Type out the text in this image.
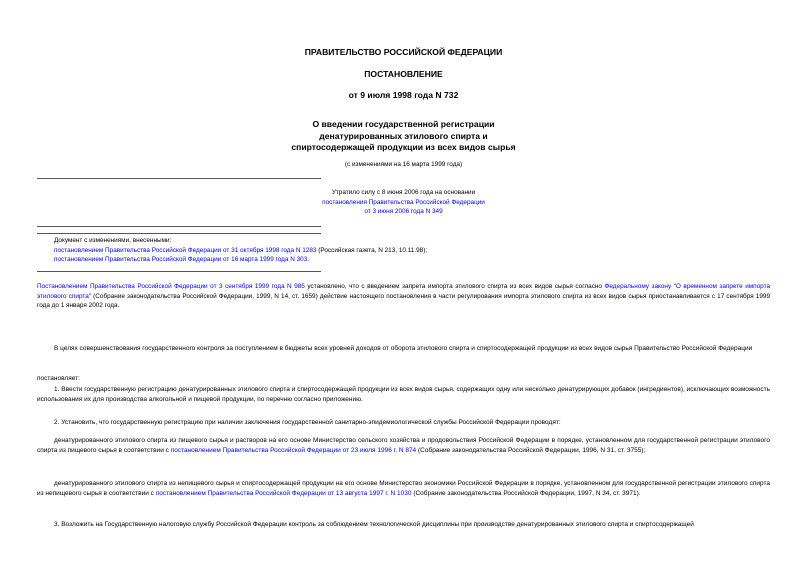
ПРАВИТЕЛЬСТВО РОССИЙСКОЙ ФЕДЕРАЦИИ
ПОСТАНОВЛЕНИЕ
от 9 июля 1998 года N 732
О введении государственной регистрации
денатурированных этилового спирта и
спиртосодержащей продукции из всех видов сырья
(с изменениями на 16 марта 1999 года)
Утратило силу с 8 июня 2006 года на основании
постановления Правительства Российской Федерации
от 3 июня 2006 года N 349
Документ с изменениями, внесенными:
постановлением Правительства Российской Федерации от 31 октября 1998 года N 1283 (Российская газета, N 213, 10.11.98);
постановлением Правительства Российской Федерации от 16 марта 1999 года N 303.
Постановлением Правительства Российской Федерации от 3 сентября 1999 года N 985 установлено, что с введением запрета импорта этилового спирта из всех видов сырья согласно Федеральному закону "О временном запрете импорта этилового спирта" (Собрание законодательства Российской Федерации, 1999, N 14, ст. 1659) действие настоящего постановления в части регулирования импорта этилового спирта из всех видов сырья приостанавливается с 17 сентября 1999 года до 1 января 2002 года.
В целях совершенствования государственного контроля за поступлением в бюджеты всех уровней доходов от оборота этилового спирта и спиртосодержащей продукции из всех видов сырья Правительство Российской Федерации
постановляет:
1. Ввести государственную регистрацию денатурированных этилового спирта и спиртосодержащей продукции из всех видов сырья, содержащих одну или несколько денатурирующих добавок (ингредиентов), исключающих возможность использования их для производства алкогольной и пищевой продукции, по перечню согласно приложению.
2. Установить, что государственную регистрацию при наличии заключения государственной санитарно-эпидемиологической службы Российской Федерации проводят:
денатурированного этилового спирта из пищевого сырья и растворов на его основе Министерство сельского хозяйства и продовольствия Российской Федерации в порядке, установленном для государственной регистрации этилового спирта из пищевого сырья в соответствии с постановлением Правительства Российской Федерации от 23 июля 1996 г. N 874 (Собрание законодательства Российской Федерации, 1996, N 31, ст. 3755);
денатурированного этилового спирта из непищевого сырья и спиртосодержащей продукции на его основе Министерство экономики Российской Федерации в порядке, установленном для государственной регистрации этилового спирта из непищевого сырья в соответствии с постановлением Правительства Российской Федерации от 13 августа 1997 г. N 1030 (Собрание законодательства Российской Федерации, 1997, N 34, ст. 3971).
3. Возложить на Государственную налоговую службу Российской Федерации контроль за соблюдением технологической дисциплины при производстве денатурированных этилового спирта и спиртосодержащей
